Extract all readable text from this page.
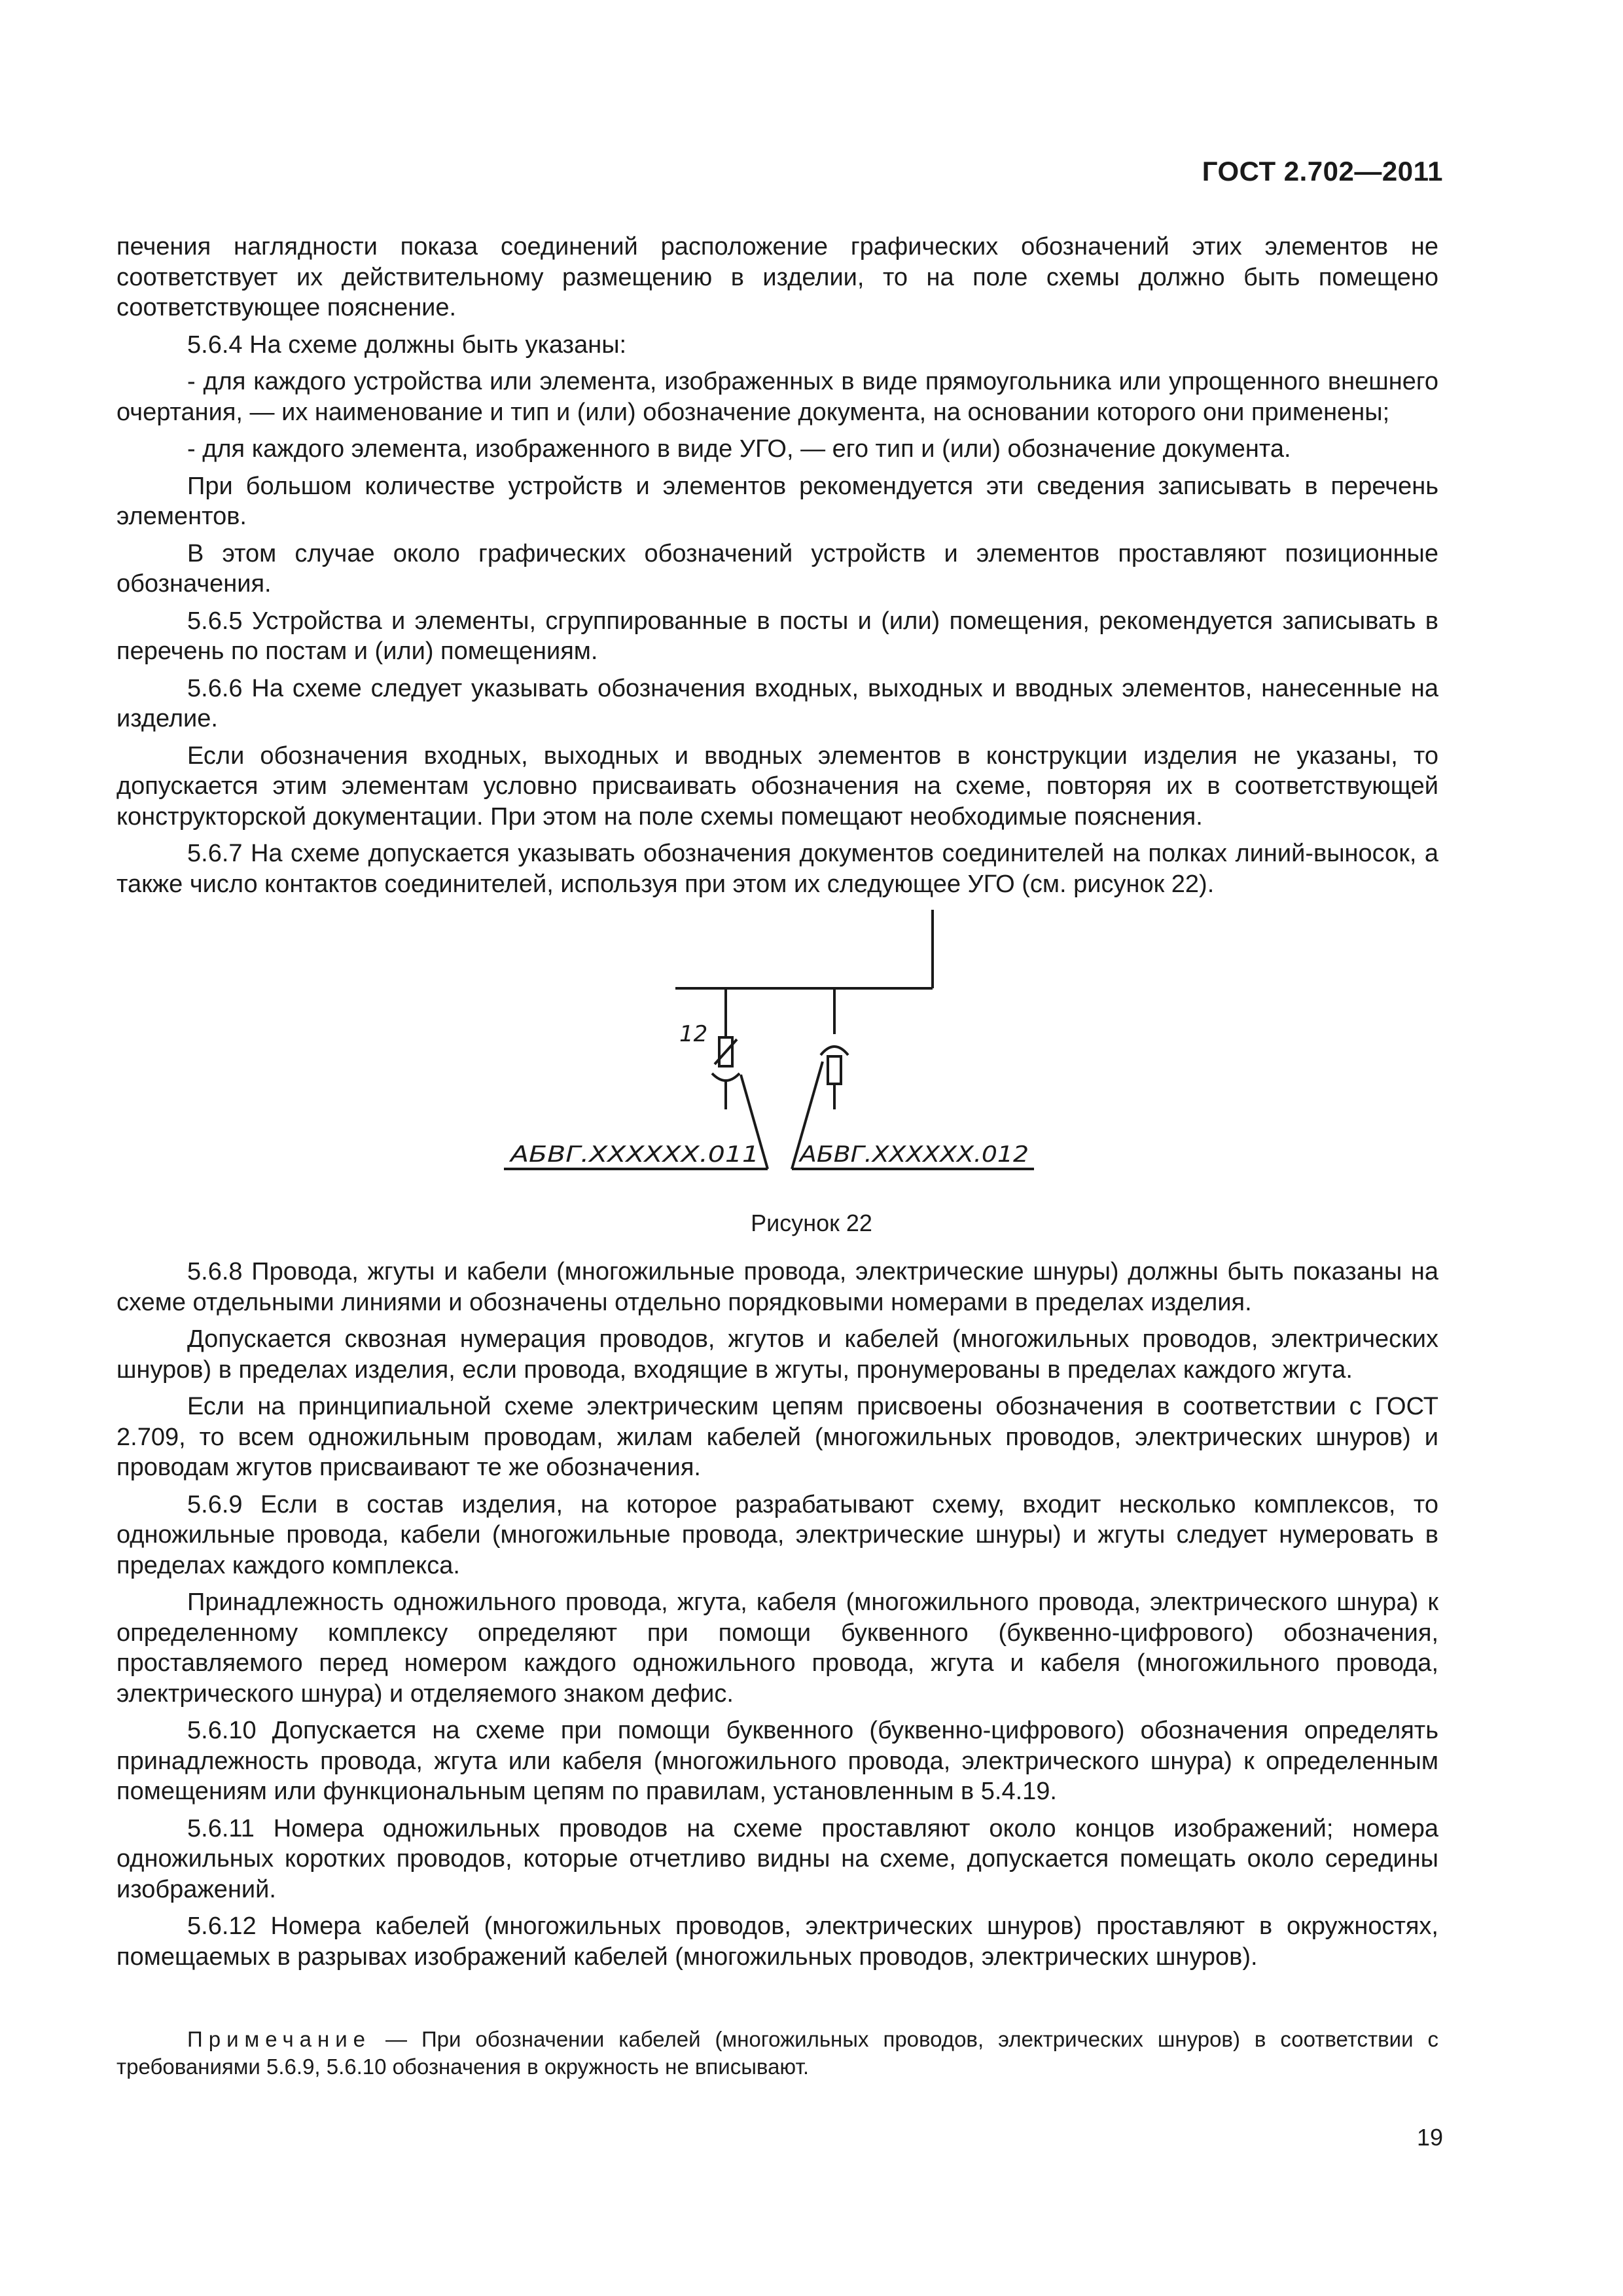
ГОСТ 2.702—2011

печения наглядности показа соединений расположение графических обозначений этих элементов не соответствует их действительному размещению в изделии, то на поле схемы должно быть помещено соответствующее пояснение.

5.6.4 На схеме должны быть указаны:

- для каждого устройства или элемента, изображенных в виде прямоугольника или упрощенного внешнего очертания, — их наименование и тип и (или) обозначение документа, на основании которого они применены;

- для каждого элемента, изображенного в виде УГО, — его тип и (или) обозначение документа.

При большом количестве устройств и элементов рекомендуется эти сведения записывать в перечень элементов.

В этом случае около графических обозначений устройств и элементов проставляют позиционные обозначения.

5.6.5 Устройства и элементы, сгруппированные в посты и (или) помещения, рекомендуется записывать в перечень по постам и (или) помещениям.

5.6.6 На схеме следует указывать обозначения входных, выходных и вводных элементов, нанесенные на изделие.

Если обозначения входных, выходных и вводных элементов в конструкции изделия не указаны, то допускается этим элементам условно присваивать обозначения на схеме, повторяя их в соответствующей конструкторской документации. При этом на поле схемы помещают необходимые пояснения.

5.6.7 На схеме допускается указывать обозначения документов соединителей на полках линий-выносок, а также число контактов соединителей, используя при этом их следующее УГО (см. рисунок 22).

12
АБВГ.XXXXXX.011 АБВГ.XXXXXX.012
Рисунок 22

5.6.8 Провода, жгуты и кабели (многожильные провода, электрические шнуры) должны быть показаны на схеме отдельными линиями и обозначены отдельно порядковыми номерами в пределах изделия.

Допускается сквозная нумерация проводов, жгутов и кабелей (многожильных проводов, электрических шнуров) в пределах изделия, если провода, входящие в жгуты, пронумерованы в пределах каждого жгута.

Если на принципиальной схеме электрическим цепям присвоены обозначения в соответствии с ГОСТ 2.709, то всем одножильным проводам, жилам кабелей (многожильных проводов, электрических шнуров) и проводам жгутов присваивают те же обозначения.

5.6.9 Если в состав изделия, на которое разрабатывают схему, входит несколько комплексов, то одножильные провода, кабели (многожильные провода, электрические шнуры) и жгуты следует нумеровать в пределах каждого комплекса.

Принадлежность одножильного провода, жгута, кабеля (многожильного провода, электрического шнура) к определенному комплексу определяют при помощи буквенного (буквенно-цифрового) обозначения, проставляемого перед номером каждого одножильного провода, жгута и кабеля (многожильного провода, электрического шнура) и отделяемого знаком дефис.

5.6.10 Допускается на схеме при помощи буквенного (буквенно-цифрового) обозначения определять принадлежность провода, жгута или кабеля (многожильного провода, электрического шнура) к определенным помещениям или функциональным цепям по правилам, установленным в 5.4.19.

5.6.11 Номера одножильных проводов на схеме проставляют около концов изображений; номера одножильных коротких проводов, которые отчетливо видны на схеме, допускается помещать около середины изображений.

5.6.12 Номера кабелей (многожильных проводов, электрических шнуров) проставляют в окружностях, помещаемых в разрывах изображений кабелей (многожильных проводов, электрических шнуров).

Примечание — При обозначении кабелей (многожильных проводов, электрических шнуров) в соответствии с требованиями 5.6.9, 5.6.10 обозначения в окружность не вписывают.
19
